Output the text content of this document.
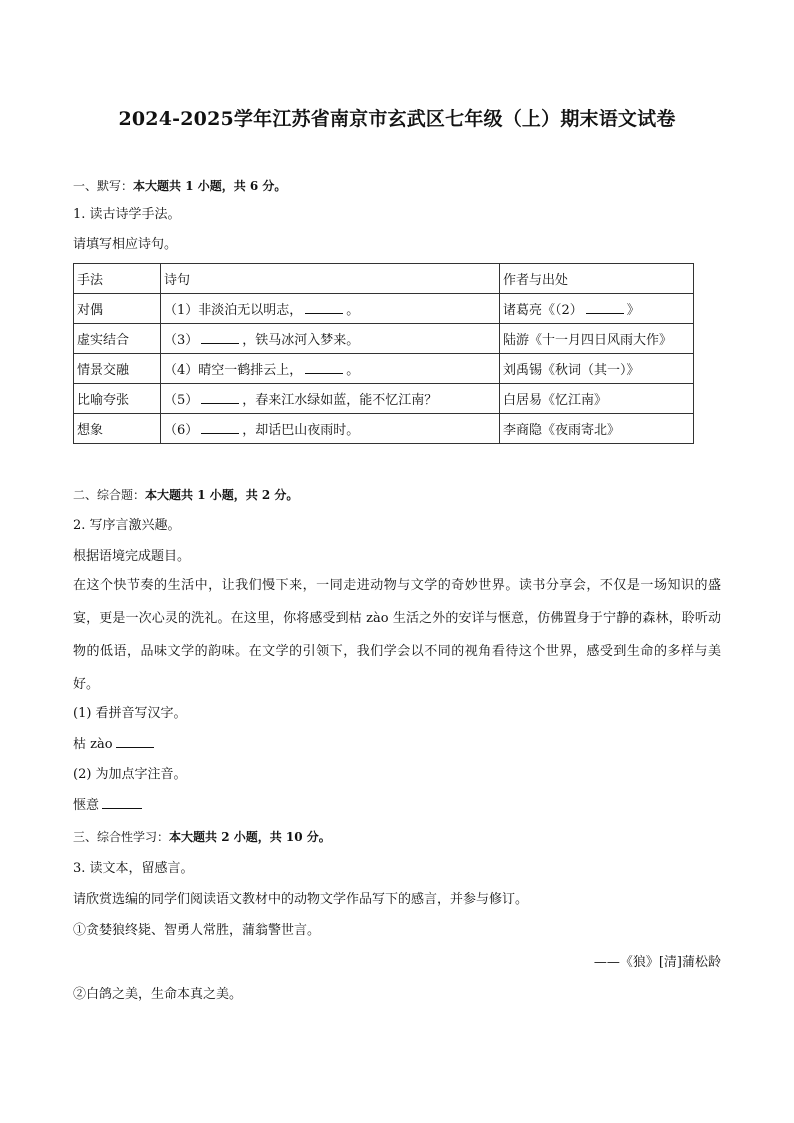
2024-2025学年江苏省南京市玄武区七年级（上）期末语文试卷
一、默写：本大题共 1 小题，共 6 分。
1. 读古诗学手法。
请填写相应诗句。
手法	诗句	作者与出处
对偶	（1）非淡泊无以明志， 。	诸葛亮《（2） 》
虚实结合	（3） ，铁马冰河入梦来。	陆游《十一月四日风雨大作》
情景交融	（4）晴空一鹤排云上， 。	刘禹锡《秋词（其一）》
比喻夸张	（5） ，春来江水绿如蓝，能不忆江南？	白居易《忆江南》
想象	（6） ，却话巴山夜雨时。	李商隐《夜雨寄北》
二、综合题：本大题共 1 小题，共 2 分。
2. 写序言激兴趣。
根据语境完成题目。
在这个快节奏的生活中，让我们慢下来，一同走进动物与文学的奇妙世界。读书分享会，不仅是一场知识的盛宴，更是一次心灵的洗礼。在这里，你将感受到枯 zào 生活之外的安详与惬意，仿佛置身于宁静的森林，聆听动物的低语，品味文学的韵味。在文学的引领下，我们学会以不同的视角看待这个世界，感受到生命的多样与美好。
(1) 看拼音写汉字。
枯 zào
(2) 为加点字注音。
惬意
三、综合性学习：本大题共 2 小题，共 10 分。
3. 读文本，留感言。
请欣赏选编的同学们阅读语文教材中的动物文学作品写下的感言，并参与修订。
①贪婪狼终毙、智勇人常胜，蒲翁警世言。
——《狼》[清]蒲松龄
②白鸽之美，生命本真之美。
